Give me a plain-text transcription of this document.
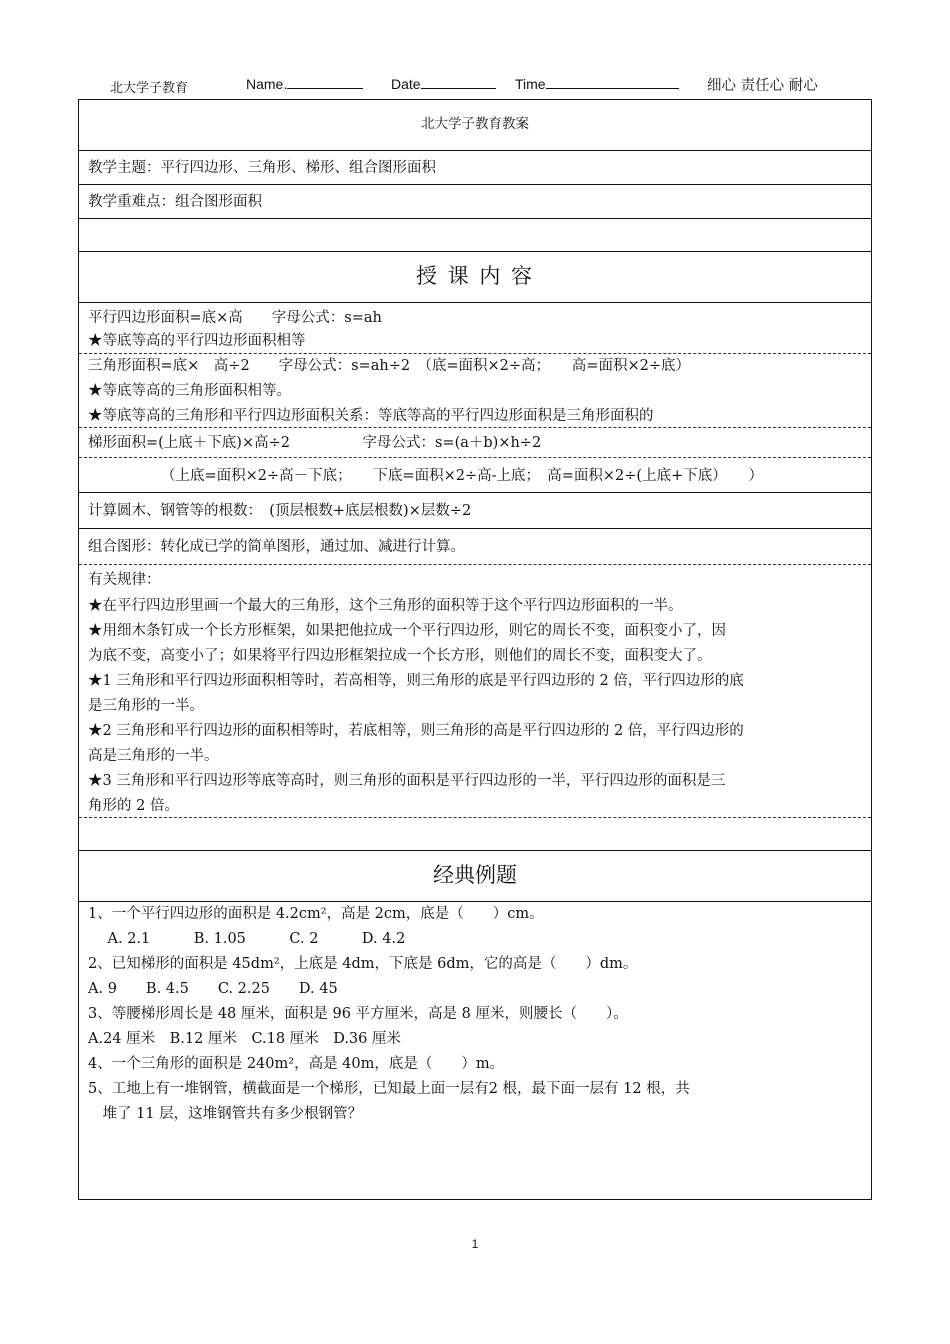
北大学子教育	Name.	Date	Time	细心 责任心 耐心
北大学子教育教案
教学主题：平行四边形、三角形、梯形、组合图形面积
教学重难点：组合图形面积
授 课 内 容
平行四边形面积=底×高　　字母公式：s=ah
★等底等高的平行四边形面积相等
三角形面积=底×　高÷2　　字母公式：s=ah÷2　（底=面积×2÷高；　　高=面积×2÷底）
★等底等高的三角形面积相等。
★等底等高的三角形和平行四边形面积关系：等底等高的平行四边形面积是三角形面积的
梯形面积=(上底＋下底)×高÷2　　　　　字母公式：s=(a＋b)×h÷2
（上底=面积×2÷高－下底；　　下底=面积×2÷高-上底；　高=面积×2÷(上底+下底）　　）
计算圆木、钢管等的根数：　(顶层根数+底层根数)×层数÷2
组合图形：转化成已学的简单图形，通过加、减进行计算。
有关规律：
★在平行四边形里画一个最大的三角形，这个三角形的面积等于这个平行四边形面积的一半。
★用细木条钉成一个长方形框架，如果把他拉成一个平行四边形，则它的周长不变，面积变小了，因
为底不变，高变小了；如果将平行四边形框架拉成一个长方形，则他们的周长不变，面积变大了。
★1 三角形和平行四边形面积相等时，若高相等，则三角形的底是平行四边形的 2 倍，平行四边形的底
是三角形的一半。
★2 三角形和平行四边形的面积相等时，若底相等，则三角形的高是平行四边形的 2 倍，平行四边形的
高是三角形的一半。
★3 三角形和平行四边形等底等高时，则三角形的面积是平行四边形的一半，平行四边形的面积是三
角形的 2 倍。
经典例题
1、一个平行四边形的面积是 4.2cm²，高是 2cm，底是（　　）cm。
　A. 2.1　　　B. 1.05　　　C. 2　　　D. 4.2
2、已知梯形的面积是 45dm²，上底是 4dm，下底是 6dm，它的高是（　　）dm。
A. 9　　B. 4.5　　C. 2.25　　D. 45
3、等腰梯形周长是 48 厘米，面积是 96 平方厘米，高是 8 厘米，则腰长（　　）。
A.24 厘米　B.12 厘米　C.18 厘米　D.36 厘米
4、一个三角形的面积是 240m²，高是 40m，底是（　　）m。
5、工地上有一堆钢管，横截面是一个梯形，已知最上面一层有2 根，最下面一层有 12 根，共
　堆了 11 层，这堆钢管共有多少根钢管？
1
